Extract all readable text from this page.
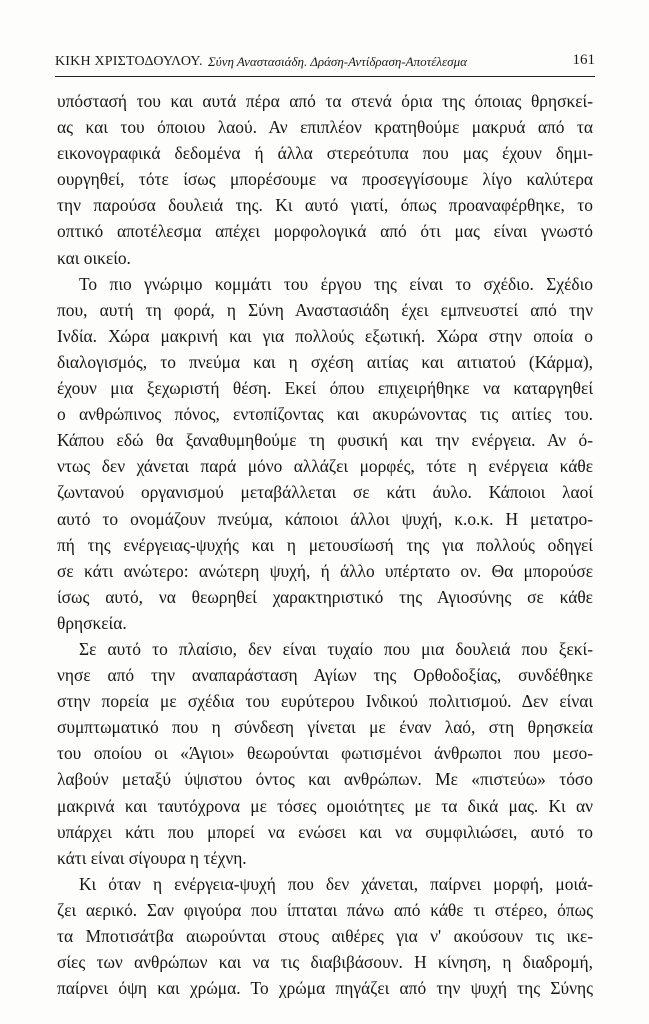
ΚΙΚΗ ΧΡΙΣΤΟΔΟΥΛΟΥ. Σύνη Αναστασιάδη. Δράση-Αντίδραση-Αποτέλεσμα	161
υπόστασή του και αυτά πέρα από τα στενά όρια της όποιας θρησκεί-
ας και του όποιου λαού. Αν επιπλέον κρατηθούμε μακρυά από τα
εικονογραφικά δεδομένα ή άλλα στερεότυπα που μας έχουν δημι-
ουργηθεί, τότε ίσως μπορέσουμε να προσεγγίσουμε λίγο καλύτερα
την παρούσα δουλειά της. Κι αυτό γιατί, όπως προαναφέρθηκε, το
οπτικό αποτέλεσμα απέχει μορφολογικά από ότι μας είναι γνωστό
και οικείο.
Το πιο γνώριμο κομμάτι του έργου της είναι το σχέδιο. Σχέδιο
που, αυτή τη φορά, η Σύνη Αναστασιάδη έχει εμπνευστεί από την
Ινδία. Χώρα μακρινή και για πολλούς εξωτική. Χώρα στην οποία ο
διαλογισμός, το πνεύμα και η σχέση αιτίας και αιτιατού (Κάρμα),
έχουν μια ξεχωριστή θέση. Εκεί όπου επιχειρήθηκε να καταργηθεί
ο ανθρώπινος πόνος, εντοπίζοντας και ακυρώνοντας τις αιτίες του.
Κάπου εδώ θα ξαναθυμηθούμε τη φυσική και την ενέργεια. Αν ό-
ντως δεν χάνεται παρά μόνο αλλάζει μορφές, τότε η ενέργεια κάθε
ζωντανού οργανισμού μεταβάλλεται σε κάτι άυλο. Κάποιοι λαοί
αυτό το ονομάζουν πνεύμα, κάποιοι άλλοι ψυχή, κ.ο.κ. Η μετατρο-
πή της ενέργειας-ψυχής και η μετουσίωσή της για πολλούς οδηγεί
σε κάτι ανώτερο: ανώτερη ψυχή, ή άλλο υπέρτατο ον. Θα μπορούσε
ίσως αυτό, να θεωρηθεί χαρακτηριστικό της Αγιοσύνης σε κάθε
θρησκεία.
Σε αυτό το πλαίσιο, δεν είναι τυχαίο που μια δουλειά που ξεκί-
νησε από την αναπαράσταση Αγίων της Ορθοδοξίας, συνδέθηκε
στην πορεία με σχέδια του ευρύτερου Ινδικού πολιτισμού. Δεν είναι
συμπτωματικό που η σύνδεση γίνεται με έναν λαό, στη θρησκεία
του οποίου οι «Άγιοι» θεωρούνται φωτισμένοι άνθρωποι που μεσο-
λαβούν μεταξύ ύψιστου όντος και ανθρώπων. Με «πιστεύω» τόσο
μακρινά και ταυτόχρονα με τόσες ομοιότητες με τα δικά μας. Κι αν
υπάρχει κάτι που μπορεί να ενώσει και να συμφιλιώσει, αυτό το
κάτι είναι σίγουρα η τέχνη.
Κι όταν η ενέργεια-ψυχή που δεν χάνεται, παίρνει μορφή, μοιά-
ζει αερικό. Σαν φιγούρα που ίπταται πάνω από κάθε τι στέρεο, όπως
τα Μποτισάτβα αιωρούνται στους αιθέρες για ν' ακούσουν τις ικε-
σίες των ανθρώπων και να τις διαβιβάσουν. Η κίνηση, η διαδρομή,
παίρνει όψη και χρώμα. Το χρώμα πηγάζει από την ψυχή της Σύνης
